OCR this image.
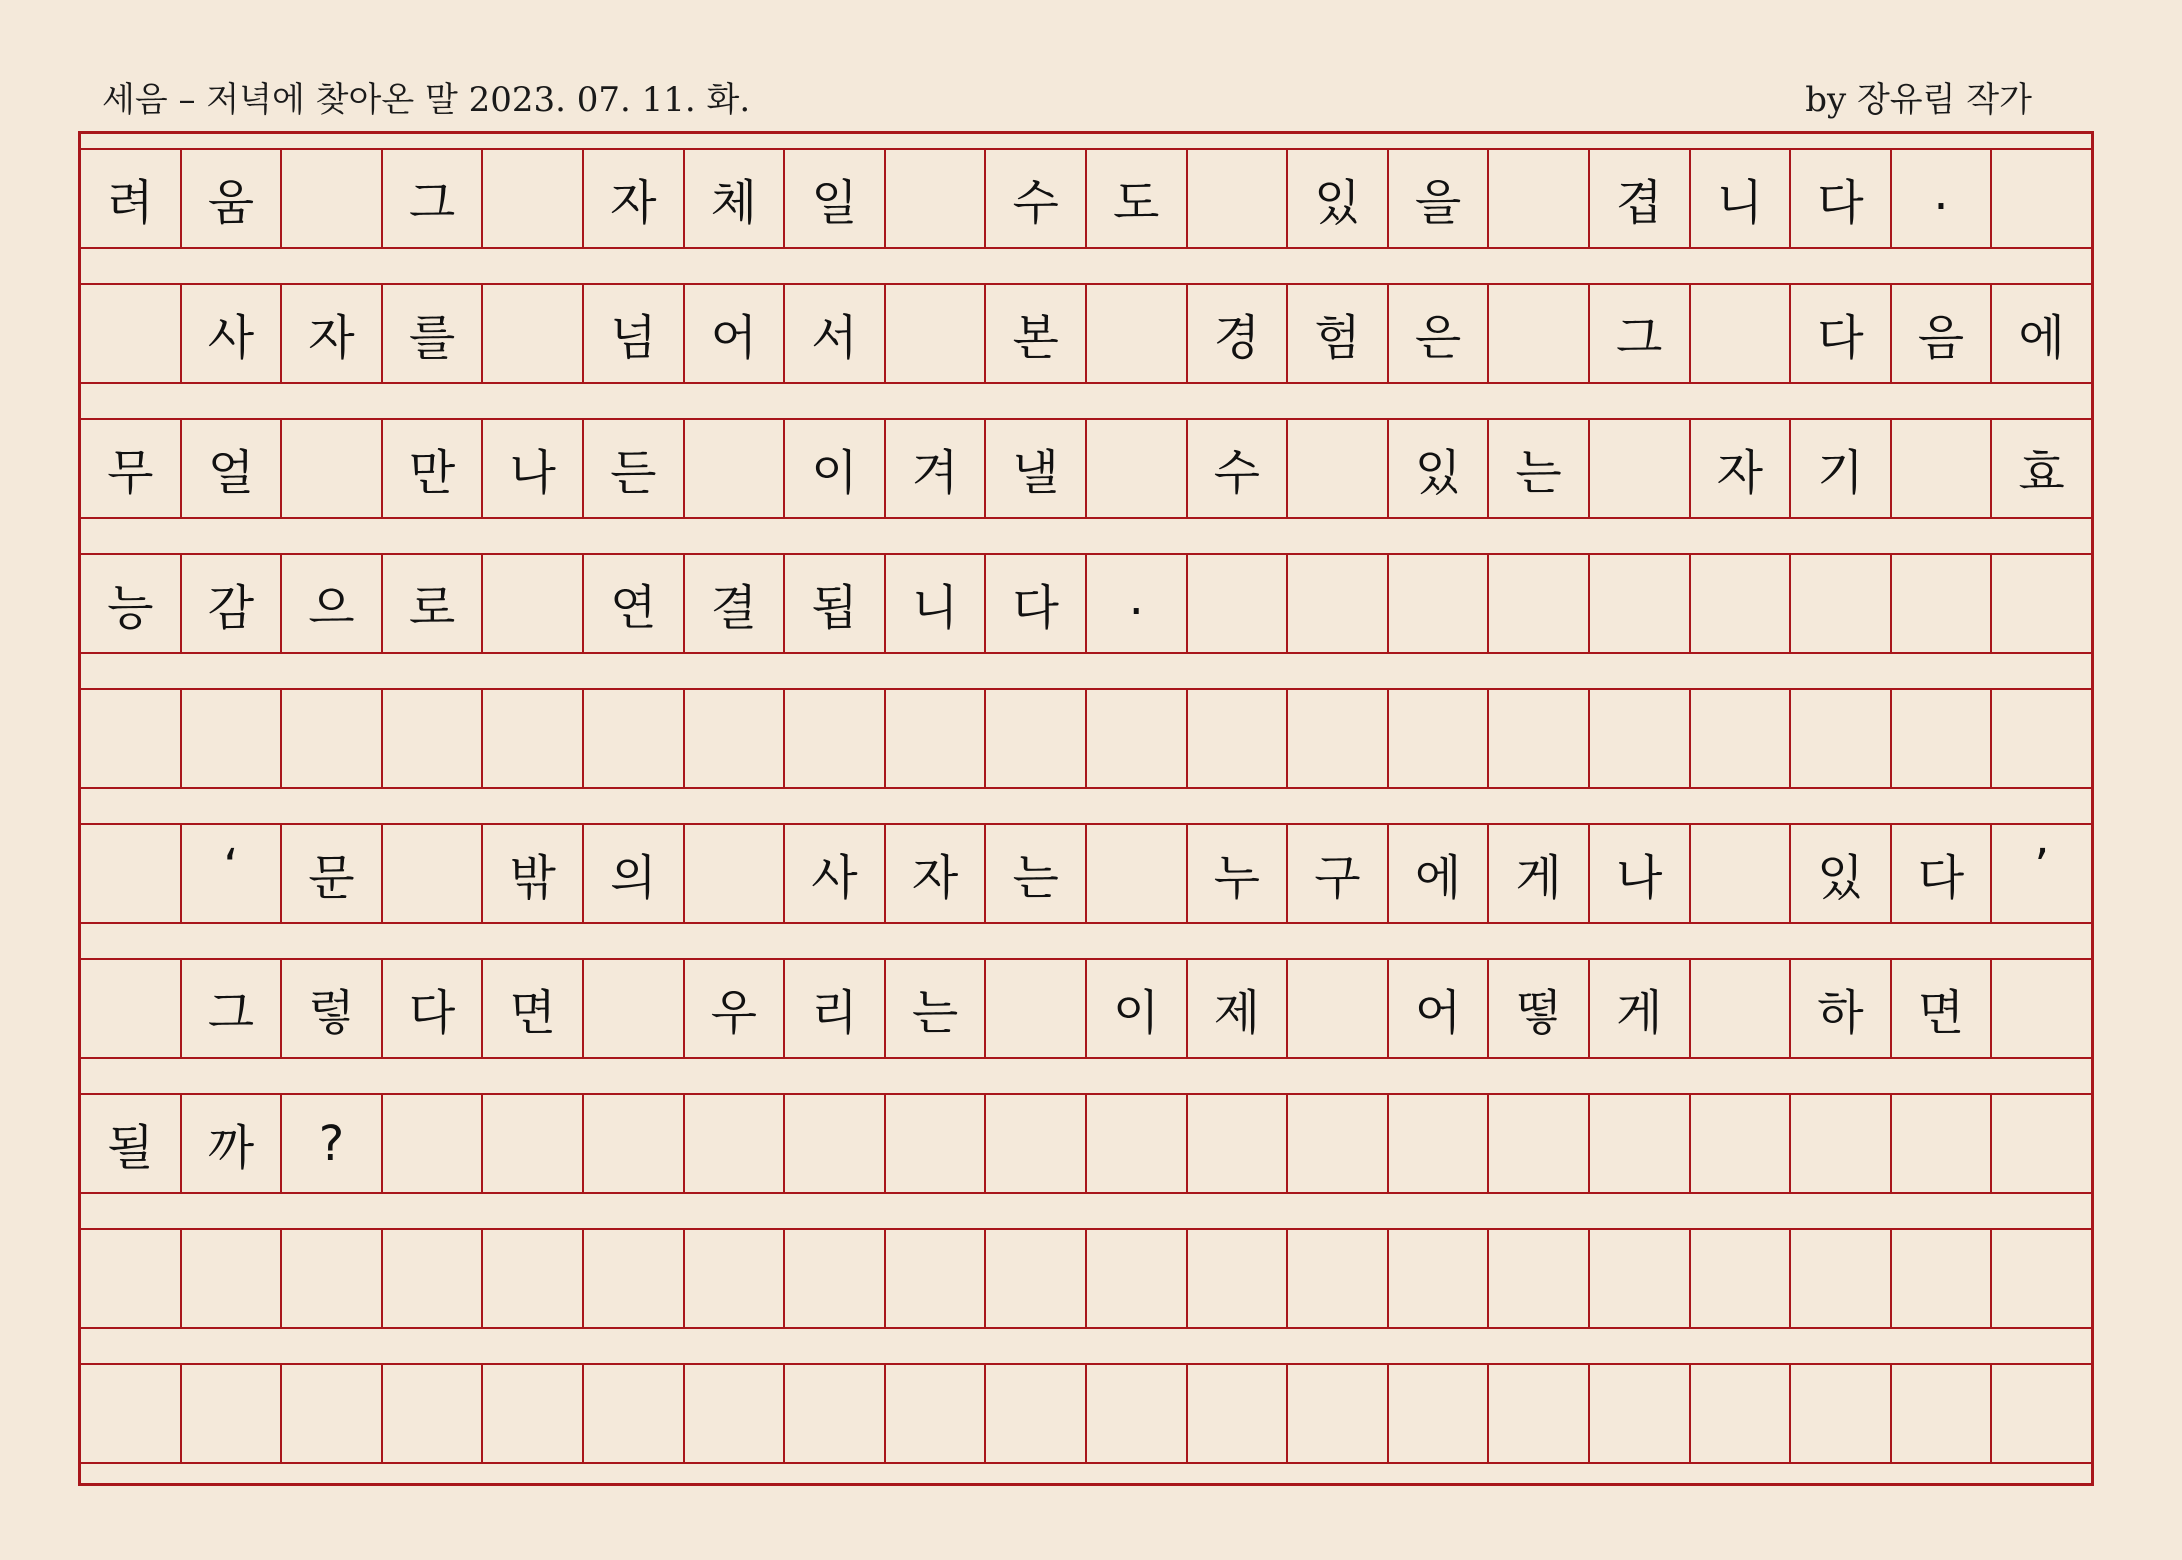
세음 – 저녁에 찾아온 말 2023. 07. 11. 화.	by 장유림 작가
려	움	그	자	체	일	수	도	있	을	겹	니	다	.
사	자	를	넘	어	서	본	경	험	은	그	다	음	에
무	얼	만	나	든	이	겨	낼	수	있	는	자	기	효
능	감	으	로	연	결	됩	니	다	.
‘	문	밖	의	사	자	는	누	구	에	게	나	있	다	’
그	렇	다	면	우	리	는	이	제	어	떻	게	하	면
될	까	?
